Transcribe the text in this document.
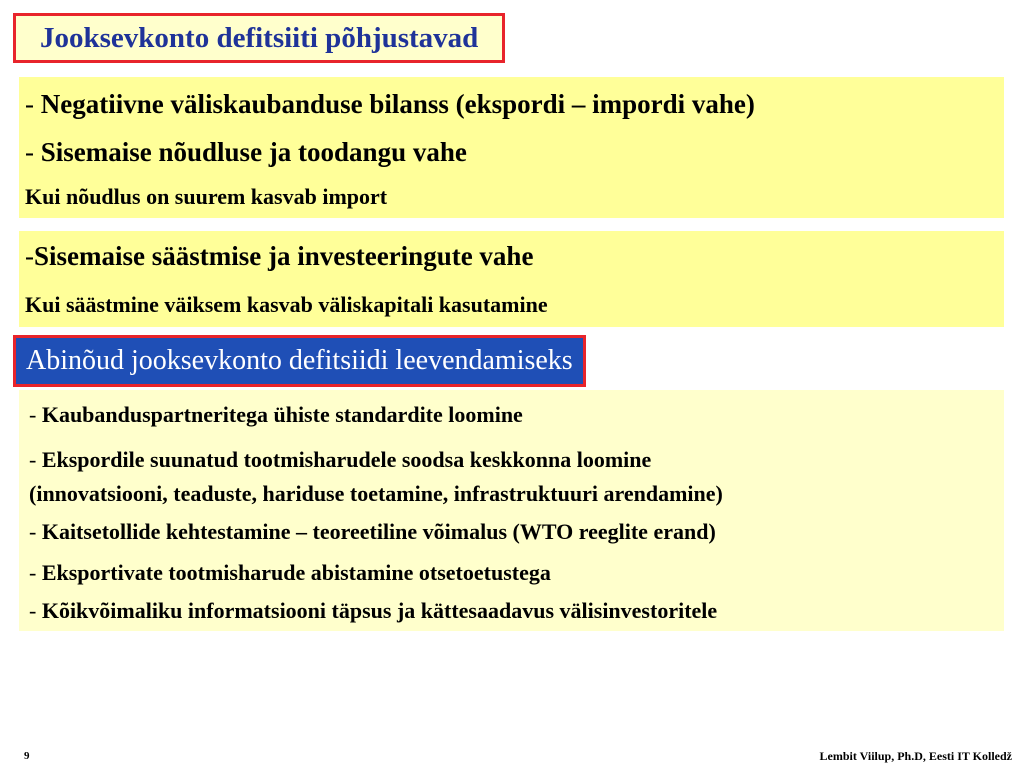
Jooksevkonto defitsiiti põhjustavad
- Negatiivne väliskaubanduse bilanss (ekspordi – impordi vahe)
- Sisemaise nõudluse ja toodangu vahe
Kui nõudlus on suurem kasvab import
-Sisemaise säästmise ja investeeringute vahe
Kui säästmine väiksem kasvab väliskapitali kasutamine
Abinõud jooksevkonto defitsiidi leevendamiseks
- Kaubanduspartneritega ühiste standardite loomine
- Ekspordile suunatud tootmisharudele soodsa keskkonna loomine
(innovatsiooni, teaduste, hariduse toetamine, infrastruktuuri arendamine)
- Kaitsetollide kehtestamine – teoreetiline võimalus (WTO reeglite erand)
- Eksportivate tootmisharude abistamine otsetoetustega
- Kõikvõimaliku informatsiooni täpsus ja kättesaadavus välisinvestoritele
9	Lembit Viilup, Ph.D, Eesti IT Kolledž
